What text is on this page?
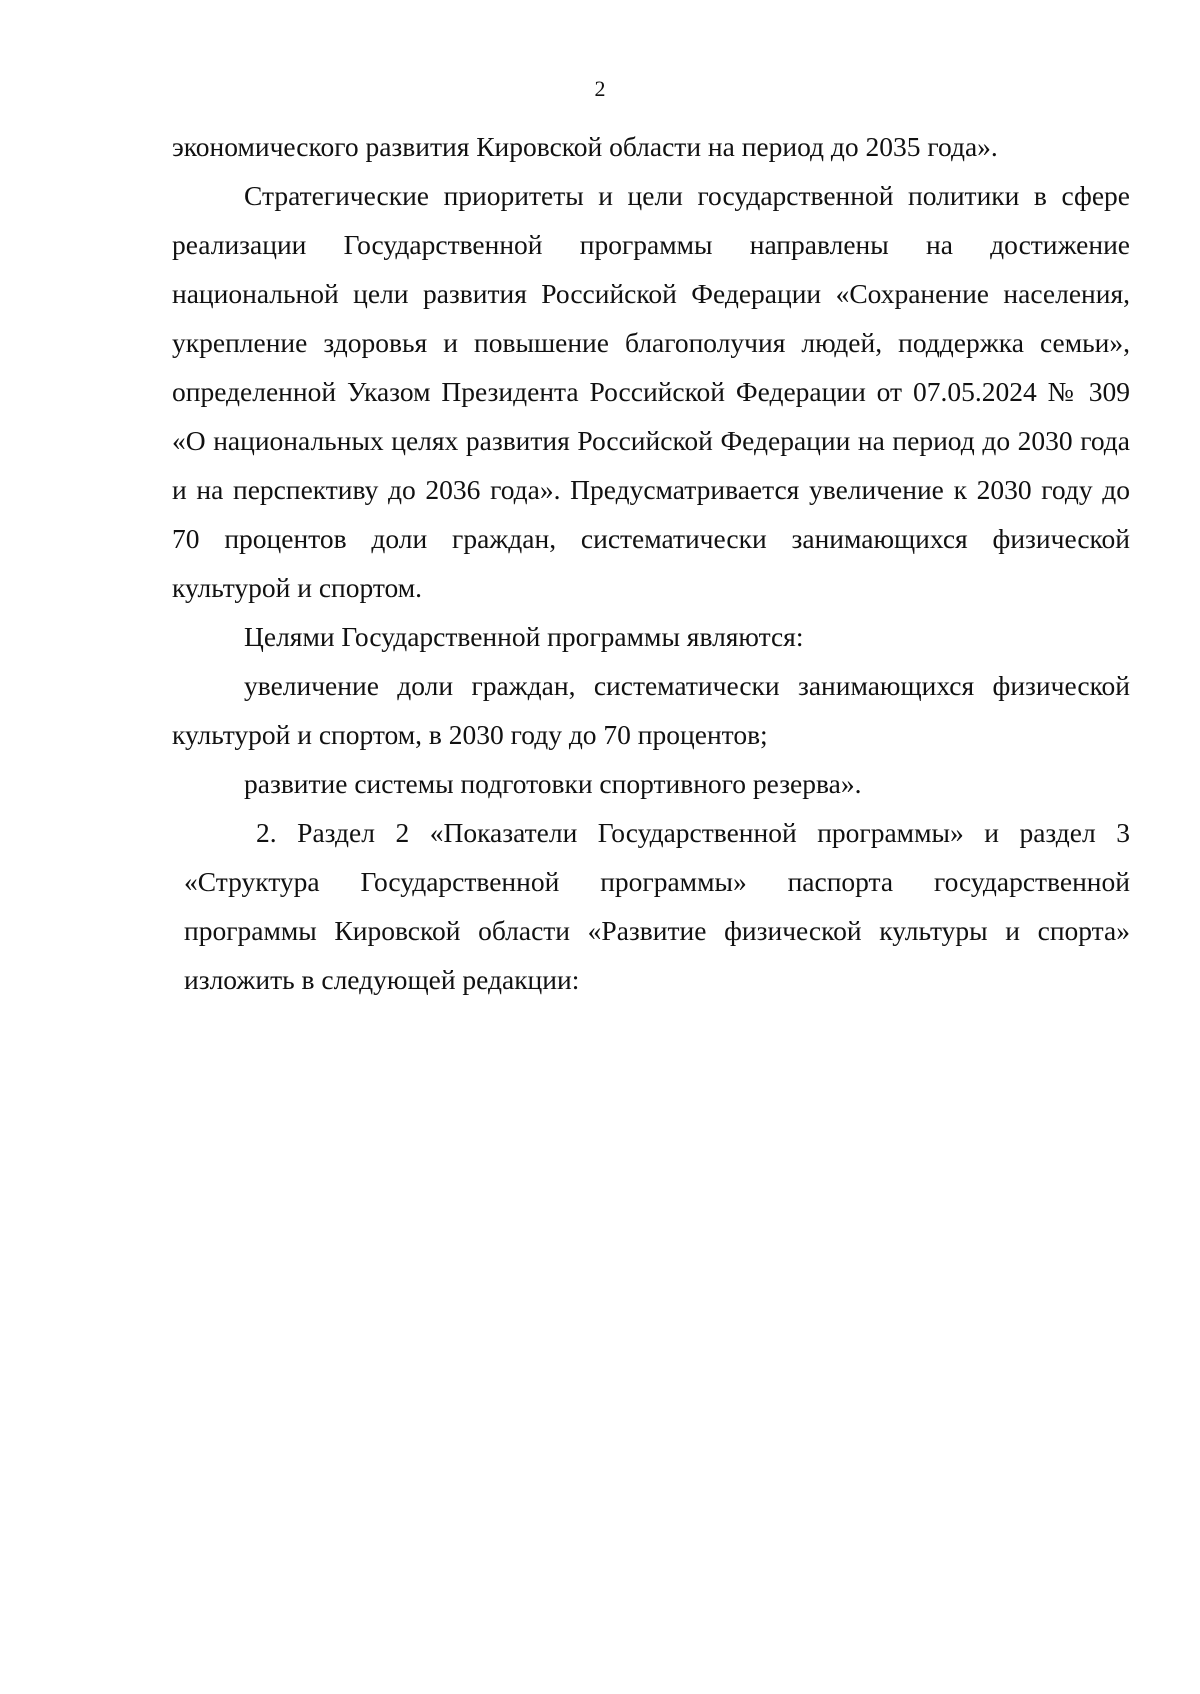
2

экономического развития Кировской области на период до 2035 года».

Стратегические приоритеты и цели государственной политики в сфере реализации Государственной программы направлены на достижение национальной цели развития Российской Федерации «Сохранение населения, укрепление здоровья и повышение благополучия людей, поддержка семьи», определенной Указом Президента Российской Федерации от 07.05.2024 № 309 «О национальных целях развития Российской Федерации на период до 2030 года и на перспективу до 2036 года». Предусматривается увеличение к 2030 году до 70 процентов доли граждан, систематически занимающихся физической культурой и спортом.

Целями Государственной программы являются:

увеличение доли граждан, систематически занимающихся физической культурой и спортом, в 2030 году до 70 процентов;

развитие системы подготовки спортивного резерва».

2. Раздел 2 «Показатели Государственной программы» и раздел 3 «Структура Государственной программы» паспорта государственной программы Кировской области «Развитие физической культуры и спорта» изложить в следующей редакции:
